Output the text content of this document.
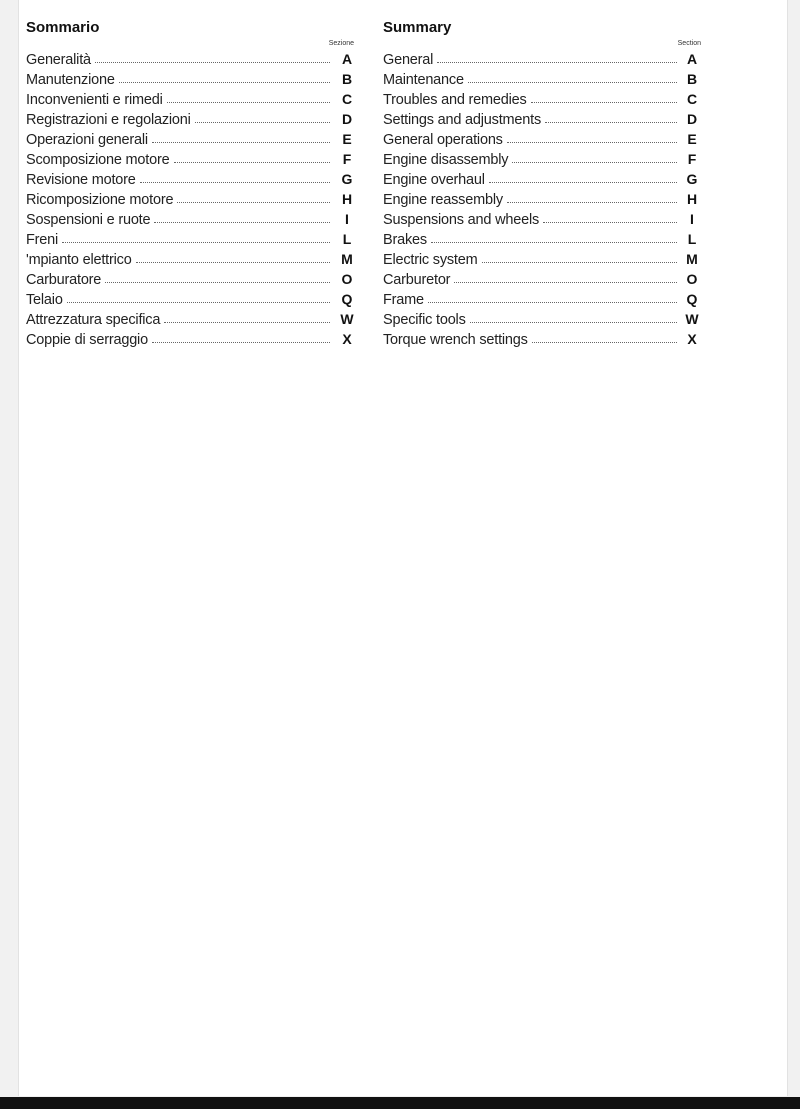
Sommario
Sezione
Generalità	A
Manutenzione	B
Inconvenienti e rimedi	C
Registrazioni e regolazioni	D
Operazioni generali	E
Scomposizione motore	F
Revisione motore	G
Ricomposizione motore	H
Sospensioni e ruote	I
Freni	L
'mpianto elettrico	M
Carburatore	O
Telaio	Q
Attrezzatura specifica	W
Coppie di serraggio	X
Summary
Section
General	A
Maintenance	B
Troubles and remedies	C
Settings and adjustments	D
General operations	E
Engine disassembly	F
Engine overhaul	G
Engine reassembly	H
Suspensions and wheels	I
Brakes	L
Electric system	M
Carburetor	O
Frame	Q
Specific tools	W
Torque wrench settings	X
